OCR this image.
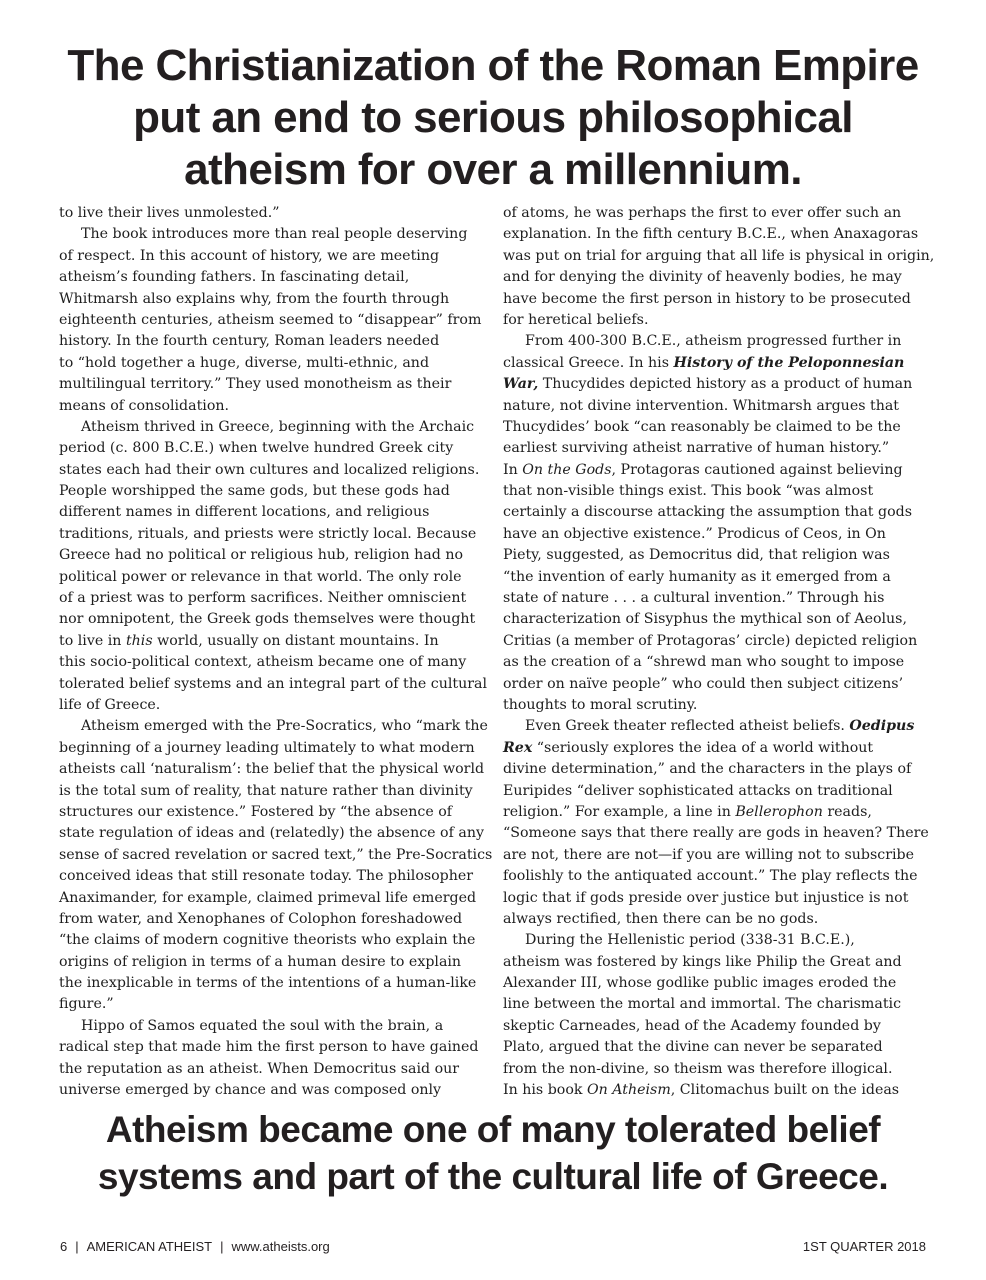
The Christianization of the Roman Empire
put an end to serious philosophical
atheism for over a millennium.
to live their lives unmolested.”
The book introduces more than real people deserving
of respect. In this account of history, we are meeting
atheism’s founding fathers. In fascinating detail,
Whitmarsh also explains why, from the fourth through
eighteenth centuries, atheism seemed to “disappear” from
history. In the fourth century, Roman leaders needed
to “hold together a huge, diverse, multi-ethnic, and
multilingual territory.” They used monotheism as their
means of consolidation.
Atheism thrived in Greece, beginning with the Archaic
period (c. 800 B.C.E.) when twelve hundred Greek city
states each had their own cultures and localized religions.
People worshipped the same gods, but these gods had
different names in different locations, and religious
traditions, rituals, and priests were strictly local. Because
Greece had no political or religious hub, religion had no
political power or relevance in that world. The only role
of a priest was to perform sacrifices. Neither omniscient
nor omnipotent, the Greek gods themselves were thought
to live in this world, usually on distant mountains. In
this socio-political context, atheism became one of many
tolerated belief systems and an integral part of the cultural
life of Greece.
Atheism emerged with the Pre-Socratics, who “mark the
beginning of a journey leading ultimately to what modern
atheists call ‘naturalism’: the belief that the physical world
is the total sum of reality, that nature rather than divinity
structures our existence.” Fostered by “the absence of
state regulation of ideas and (relatedly) the absence of any
sense of sacred revelation or sacred text,” the Pre-Socratics
conceived ideas that still resonate today. The philosopher
Anaximander, for example, claimed primeval life emerged
from water, and Xenophanes of Colophon foreshadowed
“the claims of modern cognitive theorists who explain the
origins of religion in terms of a human desire to explain
the inexplicable in terms of the intentions of a human-like
figure.”
Hippo of Samos equated the soul with the brain, a
radical step that made him the first person to have gained
the reputation as an atheist. When Democritus said our
universe emerged by chance and was composed only
of atoms, he was perhaps the first to ever offer such an
explanation. In the fifth century B.C.E., when Anaxagoras
was put on trial for arguing that all life is physical in origin,
and for denying the divinity of heavenly bodies, he may
have become the first person in history to be prosecuted
for heretical beliefs.
From 400-300 B.C.E., atheism progressed further in
classical Greece. In his History of the Peloponnesian
War, Thucydides depicted history as a product of human
nature, not divine intervention. Whitmarsh argues that
Thucydides’ book “can reasonably be claimed to be the
earliest surviving atheist narrative of human history.”
In On the Gods, Protagoras cautioned against believing
that non-visible things exist. This book “was almost
certainly a discourse attacking the assumption that gods
have an objective existence.” Prodicus of Ceos, in On
Piety, suggested, as Democritus did, that religion was
“the invention of early humanity as it emerged from a
state of nature . . . a cultural invention.” Through his
characterization of Sisyphus the mythical son of Aeolus,
Critias (a member of Protagoras’ circle) depicted religion
as the creation of a “shrewd man who sought to impose
order on naïve people” who could then subject citizens’
thoughts to moral scrutiny.
Even Greek theater reflected atheist beliefs. Oedipus
Rex “seriously explores the idea of a world without
divine determination,” and the characters in the plays of
Euripides “deliver sophisticated attacks on traditional
religion.” For example, a line in Bellerophon reads,
“Someone says that there really are gods in heaven? There
are not, there are not—if you are willing not to subscribe
foolishly to the antiquated account.” The play reflects the
logic that if gods preside over justice but injustice is not
always rectified, then there can be no gods.
During the Hellenistic period (338-31 B.C.E.),
atheism was fostered by kings like Philip the Great and
Alexander III, whose godlike public images eroded the
line between the mortal and immortal. The charismatic
skeptic Carneades, head of the Academy founded by
Plato, argued that the divine can never be separated
from the non-divine, so theism was therefore illogical.
In his book On Atheism, Clitomachus built on the ideas
Atheism became one of many tolerated belief
systems and part of the cultural life of Greece.
6 | AMERICAN ATHEIST | www.atheists.org	1ST QUARTER 2018
